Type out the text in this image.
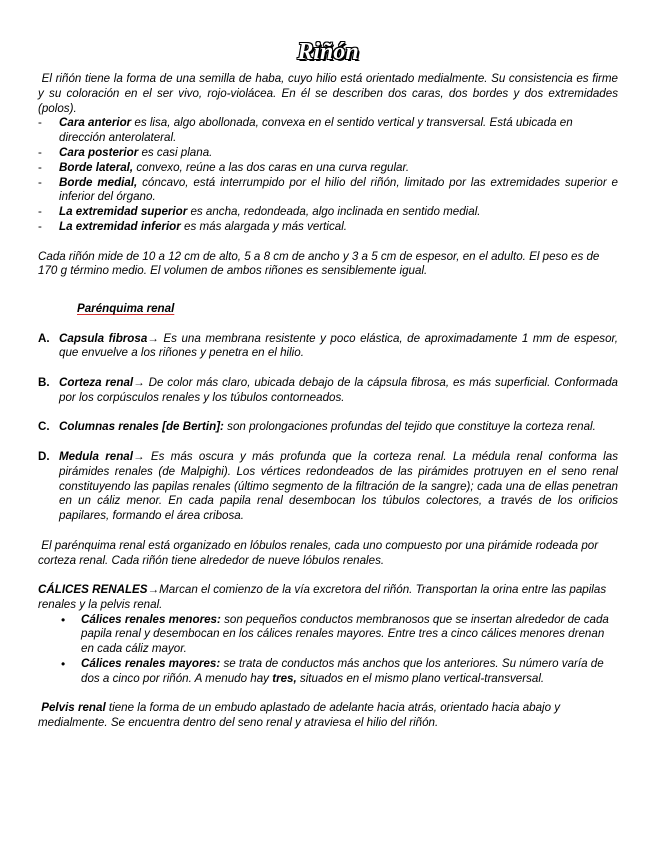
Riñón

El riñón tiene la forma de una semilla de haba, cuyo hilio está orientado medialmente. Su consistencia es firme y su coloración en el ser vivo, rojo-violácea. En él se describen dos caras, dos bordes y dos extremidades (polos).

- Cara anterior es lisa, algo abollonada, convexa en el sentido vertical y transversal. Está ubicada en dirección anterolateral.
- Cara posterior es casi plana.
- Borde lateral, convexo, reúne a las dos caras en una curva regular.
- Borde medial, cóncavo, está interrumpido por el hilio del riñón, limitado por las extremidades superior e inferior del órgano.
- La extremidad superior es ancha, redondeada, algo inclinada en sentido medial.
- La extremidad inferior es más alargada y más vertical.

Cada riñón mide de 10 a 12 cm de alto, 5 a 8 cm de ancho y 3 a 5 cm de espesor, en el adulto. El peso es de 170 g término medio. El volumen de ambos riñones es sensiblemente igual.

Parénquima renal

A. Capsula fibrosa→ Es una membrana resistente y poco elástica, de aproximadamente 1 mm de espesor, que envuelve a los riñones y penetra en el hilio.
B. Corteza renal→ De color más claro, ubicada debajo de la cápsula fibrosa, es más superficial. Conformada por los corpúsculos renales y los túbulos contorneados.
C. Columnas renales [de Bertin]: son prolongaciones profundas del tejido que constituye la corteza renal.
D. Medula renal→ Es más oscura y más profunda que la corteza renal. La médula renal conforma las pirámides renales (de Malpighi). Los vértices redondeados de las pirámides protruyen en el seno renal constituyendo las papilas renales (último segmento de la filtración de la sangre); cada una de ellas penetran en un cáliz menor. En cada papila renal desembocan los túbulos colectores, a través de los orificios papilares, formando el área cribosa.

El parénquima renal está organizado en lóbulos renales, cada uno compuesto por una pirámide rodeada por corteza renal. Cada riñón tiene alrededor de nueve lóbulos renales.

CÁLICES RENALES→Marcan el comienzo de la vía excretora del riñón. Transportan la orina entre las papilas renales y la pelvis renal.

• Cálices renales menores: son pequeños conductos membranosos que se insertan alrededor de cada papila renal y desembocan en los cálices renales mayores. Entre tres a cinco cálices menores drenan en cada cáliz mayor.
• Cálices renales mayores: se trata de conductos más anchos que los anteriores. Su número varía de dos a cinco por riñón. A menudo hay tres, situados en el mismo plano vertical-transversal.

Pelvis renal tiene la forma de un embudo aplastado de adelante hacia atrás, orientado hacia abajo y medialmente. Se encuentra dentro del seno renal y atraviesa el hilio del riñón.
